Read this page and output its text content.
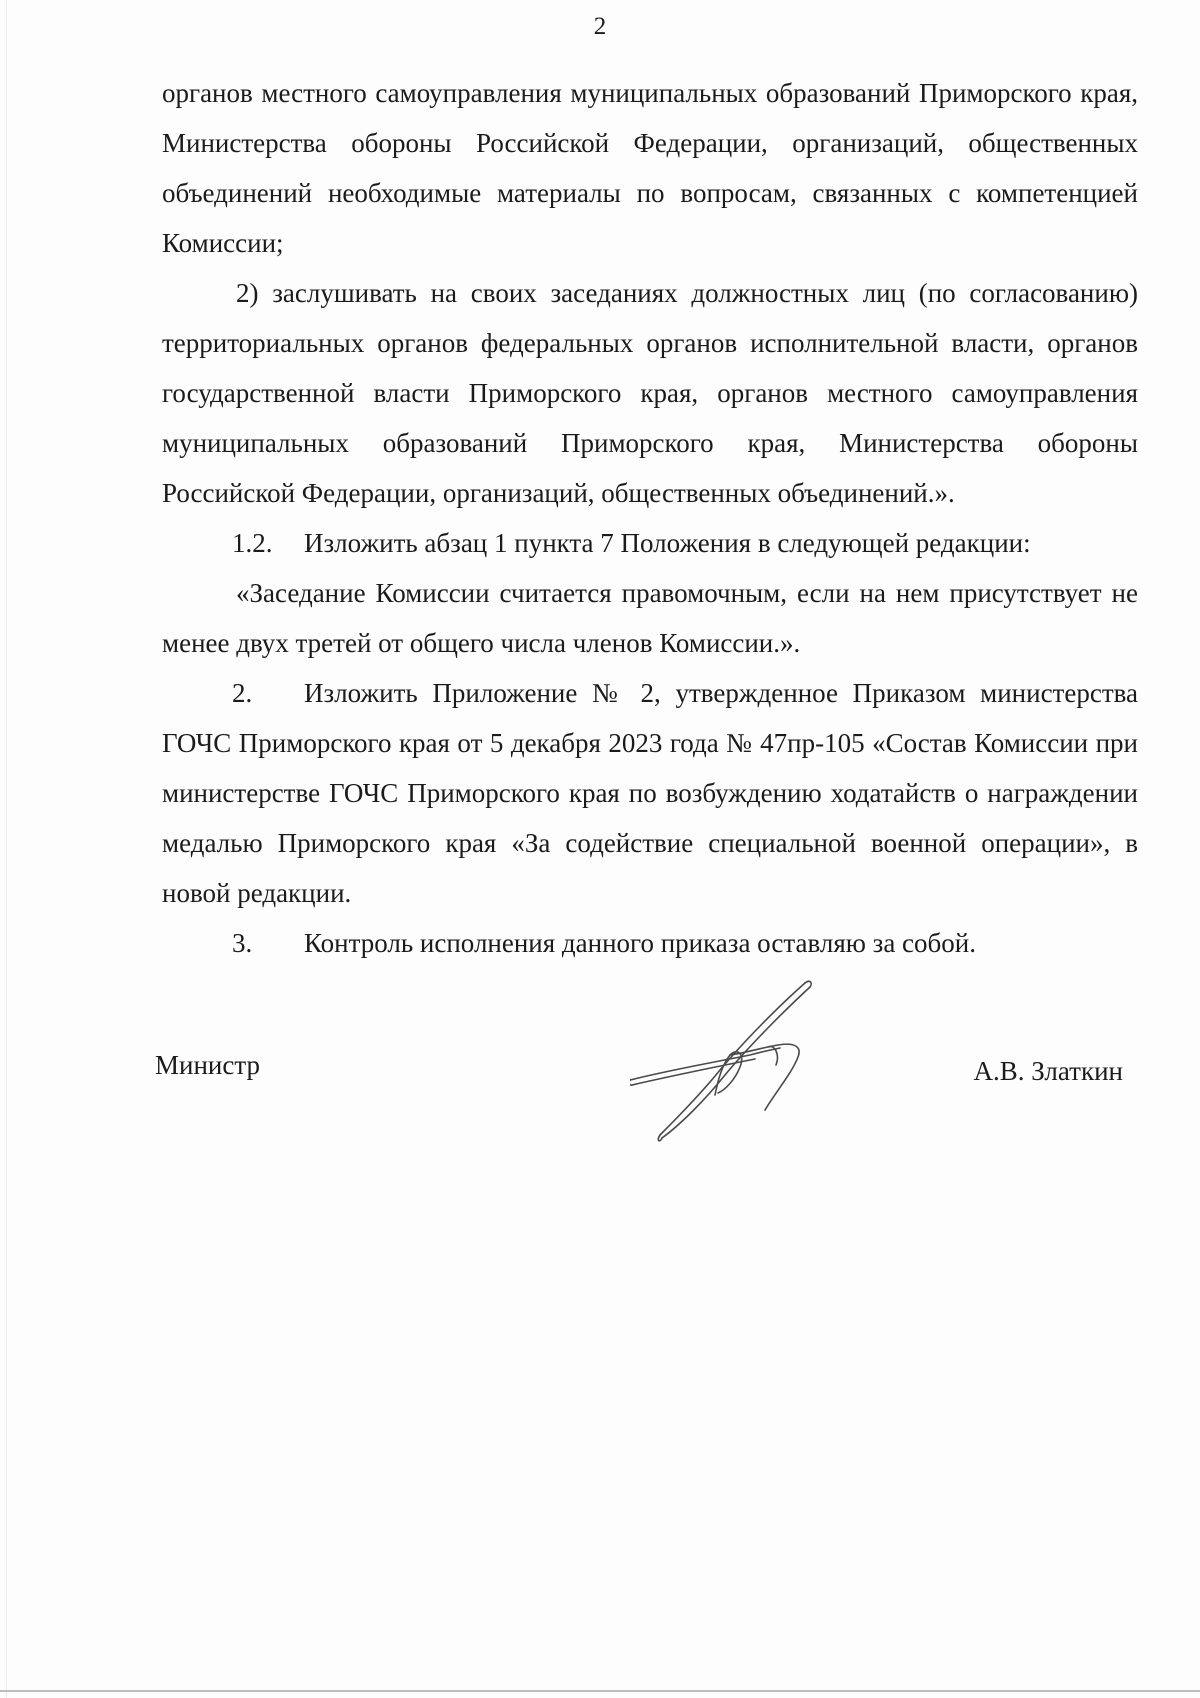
2

органов местного самоуправления муниципальных образований Приморского края, Министерства обороны Российской Федерации, организаций, общественных объединений необходимые материалы по вопросам, связанных с компетенцией Комиссии;

2) заслушивать на своих заседаниях должностных лиц (по согласованию) территориальных органов федеральных органов исполнительной власти, органов государственной власти Приморского края, органов местного самоуправления муниципальных образований Приморского края, Министерства обороны Российской Федерации, организаций, общественных объединений.».

1.2. Изложить абзац 1 пункта 7 Положения в следующей редакции:

«Заседание Комиссии считается правомочным, если на нем присутствует не менее двух третей от общего числа членов Комиссии.».

2. Изложить Приложение № 2, утвержденное Приказом министерства ГОЧС Приморского края от 5 декабря 2023 года № 47пр-105 «Состав Комиссии при министерстве ГОЧС Приморского края по возбуждению ходатайств о награждении медалью Приморского края «За содействие специальной военной операции», в новой редакции.

3. Контроль исполнения данного приказа оставляю за собой.

Министр	А.В. Златкин
